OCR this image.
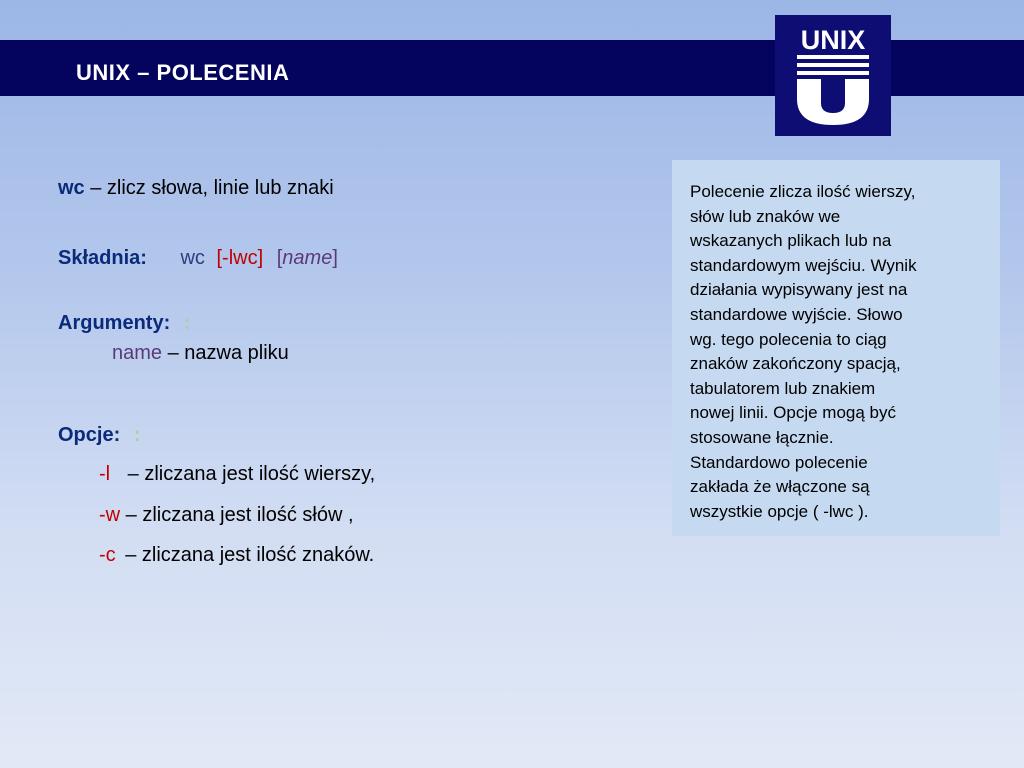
UNIX – POLECENIA
UNIX
wc – zlicz słowa, linie lub znaki
Składnia: wc [-lwc] [name]
Argumenty: :
name – nazwa pliku
Opcje: :
-l – zliczana jest ilość wierszy,
-w – zliczana jest ilość słów ,
-c – zliczana jest ilość znaków.
Polecenie zlicza ilość wierszy,
słów lub znaków we
wskazanych plikach lub na
standardowym wejściu. Wynik
działania wypisywany jest na
standardowe wyjście. Słowo
wg. tego polecenia to ciąg
znaków zakończony spacją,
tabulatorem lub znakiem
nowej linii. Opcje mogą być
stosowane łącznie.
Standardowo polecenie
zakłada że włączone są
wszystkie opcje ( -lwc ).
